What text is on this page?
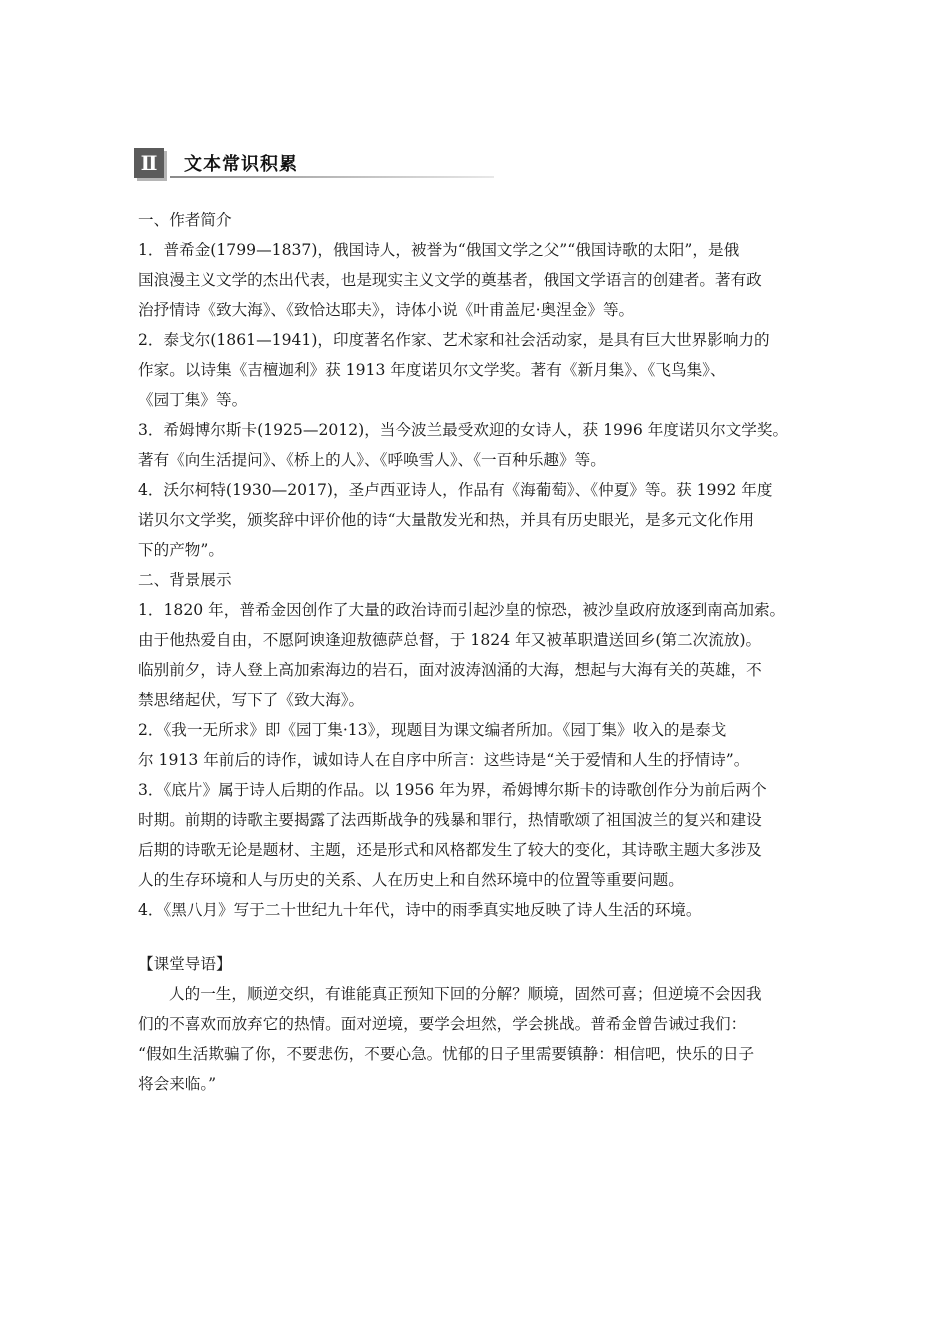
Ⅱ	文本常识积累
一、作者简介
1．普希金(1799—1837)，俄国诗人，被誉为“俄国文学之父”“俄国诗歌的太阳”，是俄
国浪漫主义文学的杰出代表，也是现实主义文学的奠基者，俄国文学语言的创建者。著有政
治抒情诗《致大海》、《致恰达耶夫》，诗体小说《叶甫盖尼·奥涅金》等。
2．泰戈尔(1861—1941)，印度著名作家、艺术家和社会活动家，是具有巨大世界影响力的
作家。以诗集《吉檀迦利》获 1913 年度诺贝尔文学奖。著有《新月集》、《飞鸟集》、
《园丁集》等。
3．希姆博尔斯卡(1925—2012)，当今波兰最受欢迎的女诗人，获 1996 年度诺贝尔文学奖。
著有《向生活提问》、《桥上的人》、《呼唤雪人》、《一百种乐趣》等。
4．沃尔柯特(1930—2017)，圣卢西亚诗人，作品有《海葡萄》、《仲夏》等。获 1992 年度
诺贝尔文学奖，颁奖辞中评价他的诗“大量散发光和热，并具有历史眼光，是多元文化作用
下的产物”。
二、背景展示
1．1820 年，普希金因创作了大量的政治诗而引起沙皇的惊恐，被沙皇政府放逐到南高加索。
由于他热爱自由，不愿阿谀逢迎敖德萨总督，于 1824 年又被革职遣送回乡(第二次流放)。
临别前夕，诗人登上高加索海边的岩石，面对波涛汹涌的大海，想起与大海有关的英雄，不
禁思绪起伏，写下了《致大海》。
2．《我一无所求》即《园丁集·13》，现题目为课文编者所加。《园丁集》收入的是泰戈
尔 1913 年前后的诗作，诚如诗人在自序中所言：这些诗是“关于爱情和人生的抒情诗”。
3．《底片》属于诗人后期的作品。以 1956 年为界，希姆博尔斯卡的诗歌创作分为前后两个
时期。前期的诗歌主要揭露了法西斯战争的残暴和罪行，热情歌颂了祖国波兰的复兴和建设
后期的诗歌无论是题材、主题，还是形式和风格都发生了较大的变化，其诗歌主题大多涉及
人的生存环境和人与历史的关系、人在历史上和自然环境中的位置等重要问题。
4．《黑八月》写于二十世纪九十年代，诗中的雨季真实地反映了诗人生活的环境。
【课堂导语】
人的一生，顺逆交织，有谁能真正预知下回的分解？顺境，固然可喜；但逆境不会因我
们的不喜欢而放弃它的热情。面对逆境，要学会坦然，学会挑战。普希金曾告诫过我们：
“假如生活欺骗了你，不要悲伤，不要心急。忧郁的日子里需要镇静：相信吧，快乐的日子
将会来临。”
